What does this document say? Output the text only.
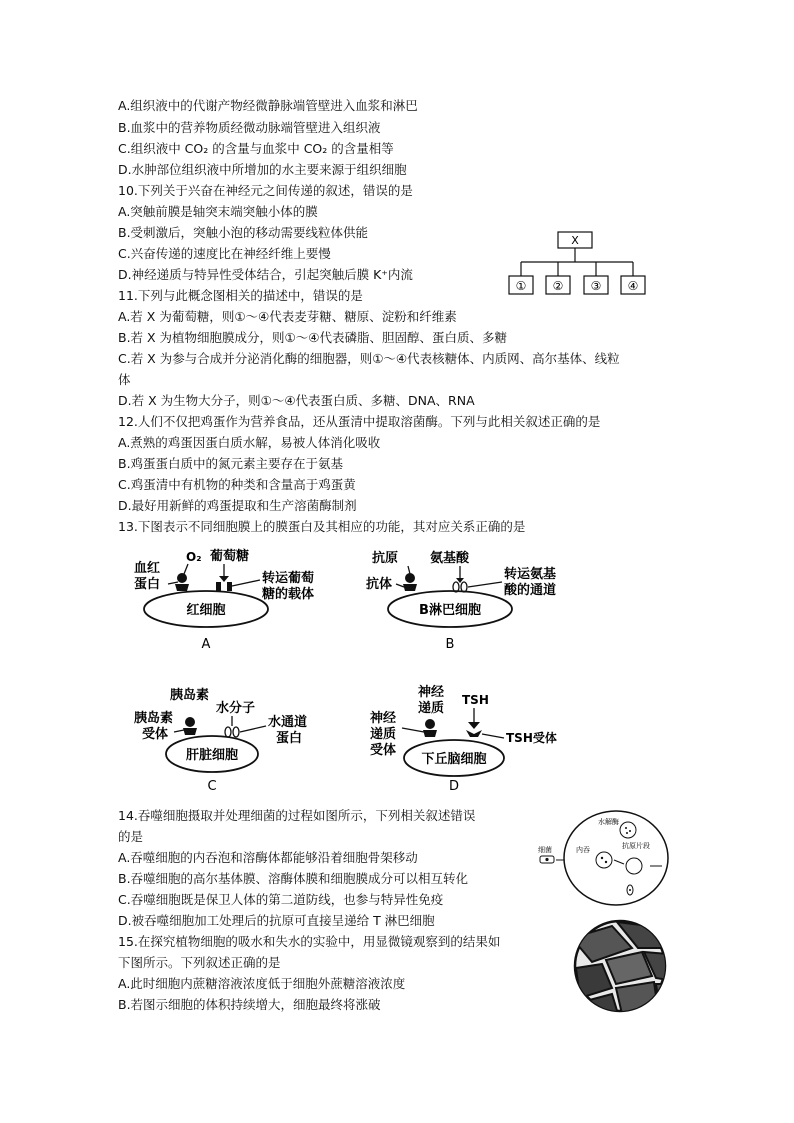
A.组织液中的代谢产物经微静脉端管壁进入血浆和淋巴
B.血浆中的营养物质经微动脉端管壁进入组织液
C.组织液中 CO₂ 的含量与血浆中 CO₂ 的含量相等
D.水肿部位组织液中所增加的水主要来源于组织细胞
10.下列关于兴奋在神经元之间传递的叙述，错误的是
A.突触前膜是轴突末端突触小体的膜
B.受刺激后，突触小泡的移动需要线粒体供能
C.兴奋传递的速度比在神经纤维上要慢
D.神经递质与特异性受体结合，引起突触后膜 K⁺内流
X
① ② ③ ④
11.下列与此概念图相关的描述中，错误的是
A.若 X 为葡萄糖，则①～④代表麦芽糖、糖原、淀粉和纤维素
B.若 X 为植物细胞膜成分，则①～④代表磷脂、胆固醇、蛋白质、多糖
C.若 X 为参与合成并分泌消化酶的细胞器，则①～④代表核糖体、内质网、高尔基体、线粒
体
D.若 X 为生物大分子，则①～④代表蛋白质、多糖、DNA、RNA
12.人们不仅把鸡蛋作为营养食品，还从蛋清中提取溶菌酶。下列与此相关叙述正确的是
A.煮熟的鸡蛋因蛋白质水解，易被人体消化吸收
B.鸡蛋蛋白质中的氮元素主要存在于氨基
C.鸡蛋清中有机物的种类和含量高于鸡蛋黄
D.最好用新鲜的鸡蛋提取和生产溶菌酶制剂
13.下图表示不同细胞膜上的膜蛋白及其相应的功能，其对应关系正确的是
O₂ 葡萄糖
血红
蛋白	转运葡萄
糖的载体
红细胞
A
抗原 氨基酸
抗体
转运氨基
酸的通道
B淋巴细胞
B
胰岛素
水分子
胰岛素
受体
水通道
蛋白
肝脏细胞
C
神经
递质
TSH
神经
递质
受体
TSH受体
下丘脑细胞
D
14.吞噬细胞摄取并处理细菌的过程如图所示，下列相关叙述错误
的是
A.吞噬细胞的内吞泡和溶酶体都能够沿着细胞骨架移动
B.吞噬细胞的高尔基体膜、溶酶体膜和细胞膜成分可以相互转化
C.吞噬细胞既是保卫人体的第二道防线，也参与特异性免疫
D.被吞噬细胞加工处理后的抗原可直接呈递给 T 淋巴细胞
细菌
水解酶
内吞	抗原片段
15.在探究植物细胞的吸水和失水的实验中，用显微镜观察到的结果如
下图所示。下列叙述正确的是
A.此时细胞内蔗糖溶液浓度低于细胞外蔗糖溶液浓度
B.若图示细胞的体积持续增大，细胞最终将涨破
